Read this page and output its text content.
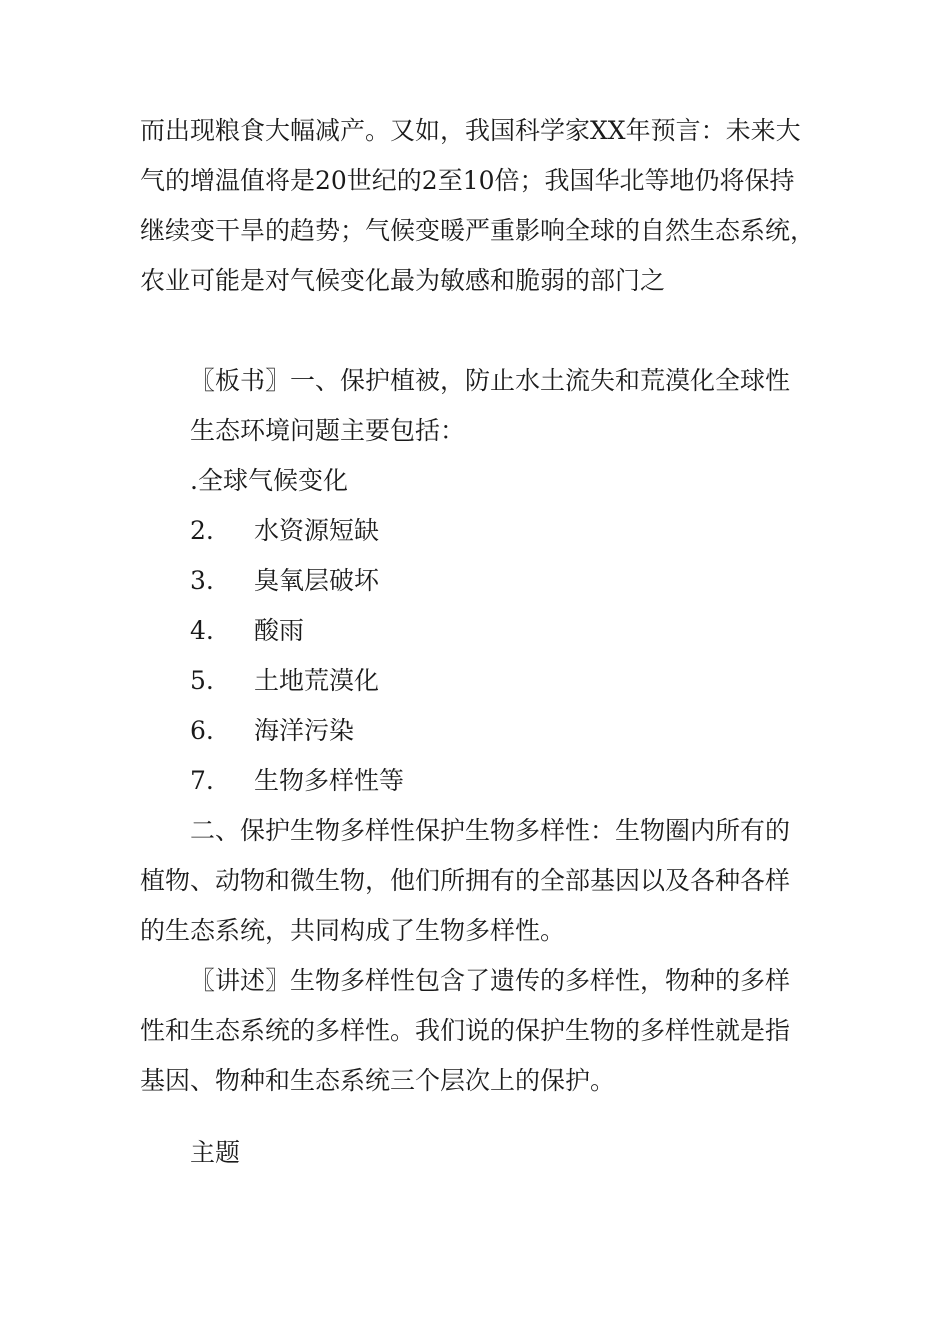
而出现粮食大幅减产。又如，我国科学家XX年预言：未来大
气的增温值将是20世纪的2至10倍；我国华北等地仍将保持
继续变干旱的趋势；气候变暖严重影响全球的自然生态系统，
农业可能是对气候变化最为敏感和脆弱的部门之
〖板书〗一、保护植被，防止水土流失和荒漠化全球性
生态环境问题主要包括：
.全球气候变化
2. 水资源短缺
3. 臭氧层破坏
4. 酸雨
5. 土地荒漠化
6. 海洋污染
7. 生物多样性等
二、保护生物多样性保护生物多样性：生物圈内所有的
植物、动物和微生物，他们所拥有的全部基因以及各种各样
的生态系统，共同构成了生物多样性。
〖讲述〗生物多样性包含了遗传的多样性，物种的多样
性和生态系统的多样性。我们说的保护生物的多样性就是指
基因、物种和生态系统三个层次上的保护。
主题
